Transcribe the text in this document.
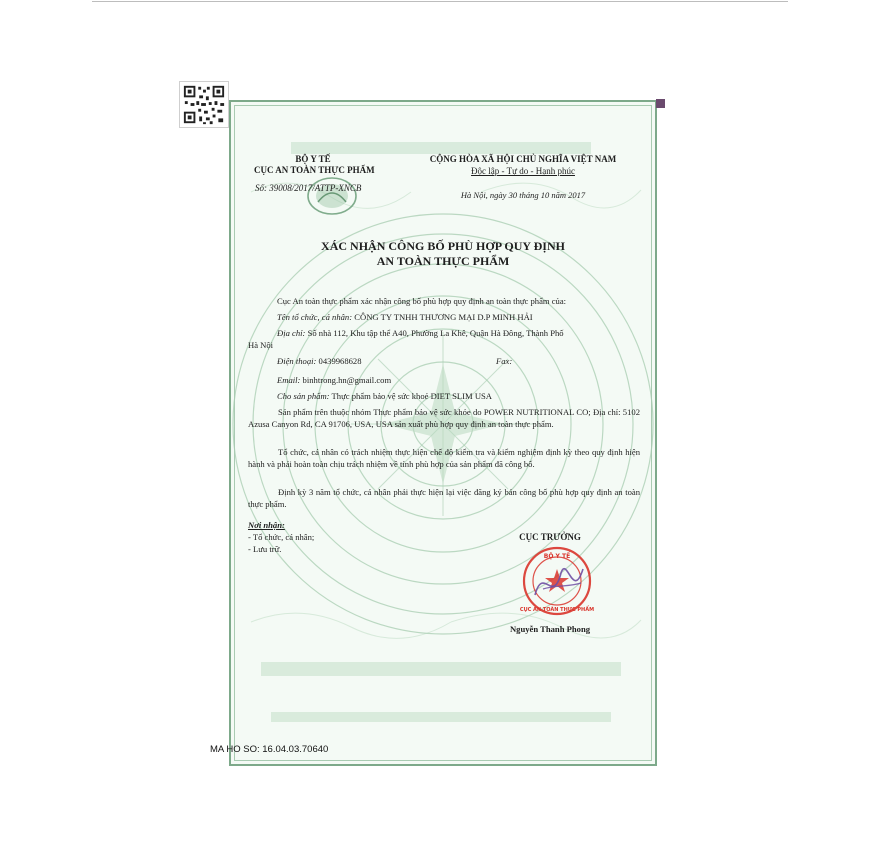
BỘ Y TẾ
CỤC AN TOÀN THỰC PHẨM
Số: 39008/2017/ATTP-XNCB
CỘNG HÒA XÃ HỘI CHỦ NGHĨA VIỆT NAM
Độc lập - Tự do - Hạnh phúc
Hà Nội, ngày 30 tháng 10 năm 2017
XÁC NHẬN CÔNG BỐ PHÙ HỢP QUY ĐỊNH
AN TOÀN THỰC PHẨM
Cục An toàn thực phẩm xác nhận công bố phù hợp quy định an toàn thực phẩm của:
Tên tổ chức, cá nhân: CÔNG TY TNHH THƯƠNG MẠI D.P MINH HẢI
Địa chỉ: Số nhà 112, Khu tập thể A40, Phường La Khê, Quận Hà Đông, Thành Phố
Hà Nội
Điện thoại: 0439968628	Fax:
Email: binhtrong.hn@gmail.com
Cho sản phẩm: Thực phẩm bảo vệ sức khoẻ DIET SLIM USA
Sản phẩm trên thuộc nhóm Thực phẩm bảo vệ sức khỏe do POWER NUTRITIONAL CO; Địa chỉ: 5102 Azusa Canyon Rd, CA 91706, USA, USA sản xuất phù hợp quy định an toàn thực phẩm.
Tổ chức, cá nhân có trách nhiệm thực hiện chế độ kiểm tra và kiểm nghiệm định kỳ theo quy định hiện hành và phải hoàn toàn chịu trách nhiệm về tính phù hợp của sản phẩm đã công bố.
Định kỳ 3 năm tổ chức, cá nhân phải thực hiện lại việc đăng ký bản công bố phù hợp quy định an toàn thực phẩm.
Nơi nhận:
- Tổ chức, cá nhân;
- Lưu trữ.
CỤC TRƯỞNG
BỘ Y TẾ
CỤC AN TOÀN THỰC PHẨM
Nguyễn Thanh Phong
MA HO SO: 16.04.03.70640
